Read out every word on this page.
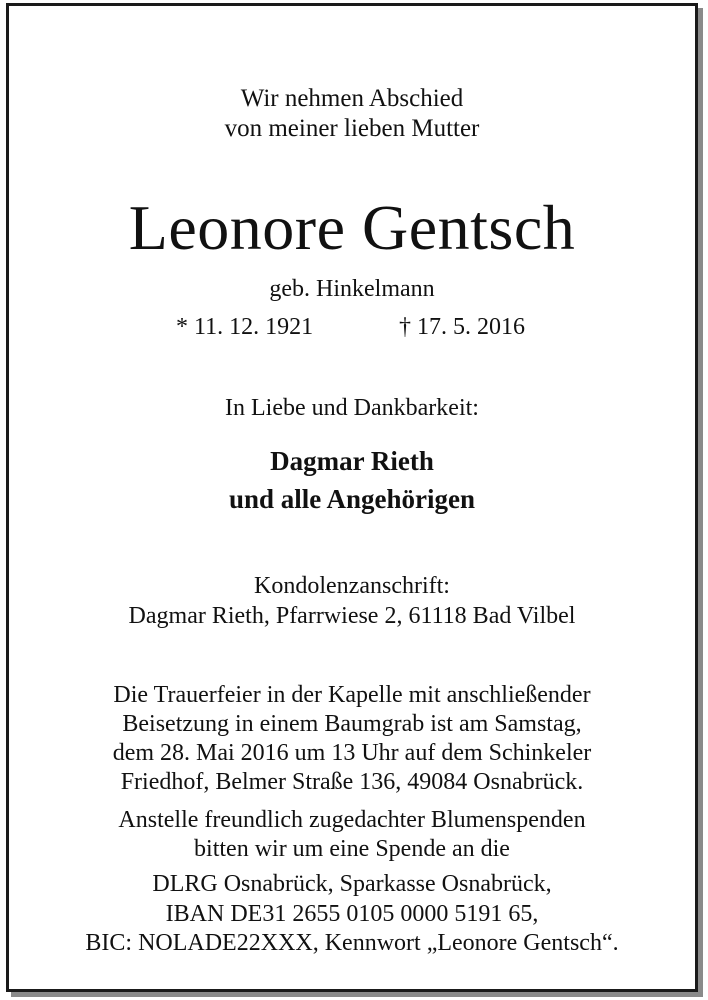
Wir nehmen Abschied
von meiner lieben Mutter
Leonore Gentsch
geb. Hinkelmann
* 11. 12. 1921	† 17. 5. 2016
In Liebe und Dankbarkeit:
Dagmar Rieth
und alle Angehörigen
Kondolenzanschrift:
Dagmar Rieth, Pfarrwiese 2, 61118 Bad Vilbel
Die Trauerfeier in der Kapelle mit anschließender
Beisetzung in einem Baumgrab ist am Samstag,
dem 28. Mai 2016 um 13 Uhr auf dem Schinkeler
Friedhof, Belmer Straße 136, 49084 Osnabrück.
Anstelle freundlich zugedachter Blumenspenden
bitten wir um eine Spende an die
DLRG Osnabrück, Sparkasse Osnabrück,
IBAN DE31 2655 0105 0000 5191 65,
BIC: NOLADE22XXX, Kennwort „Leonore Gentsch“.
